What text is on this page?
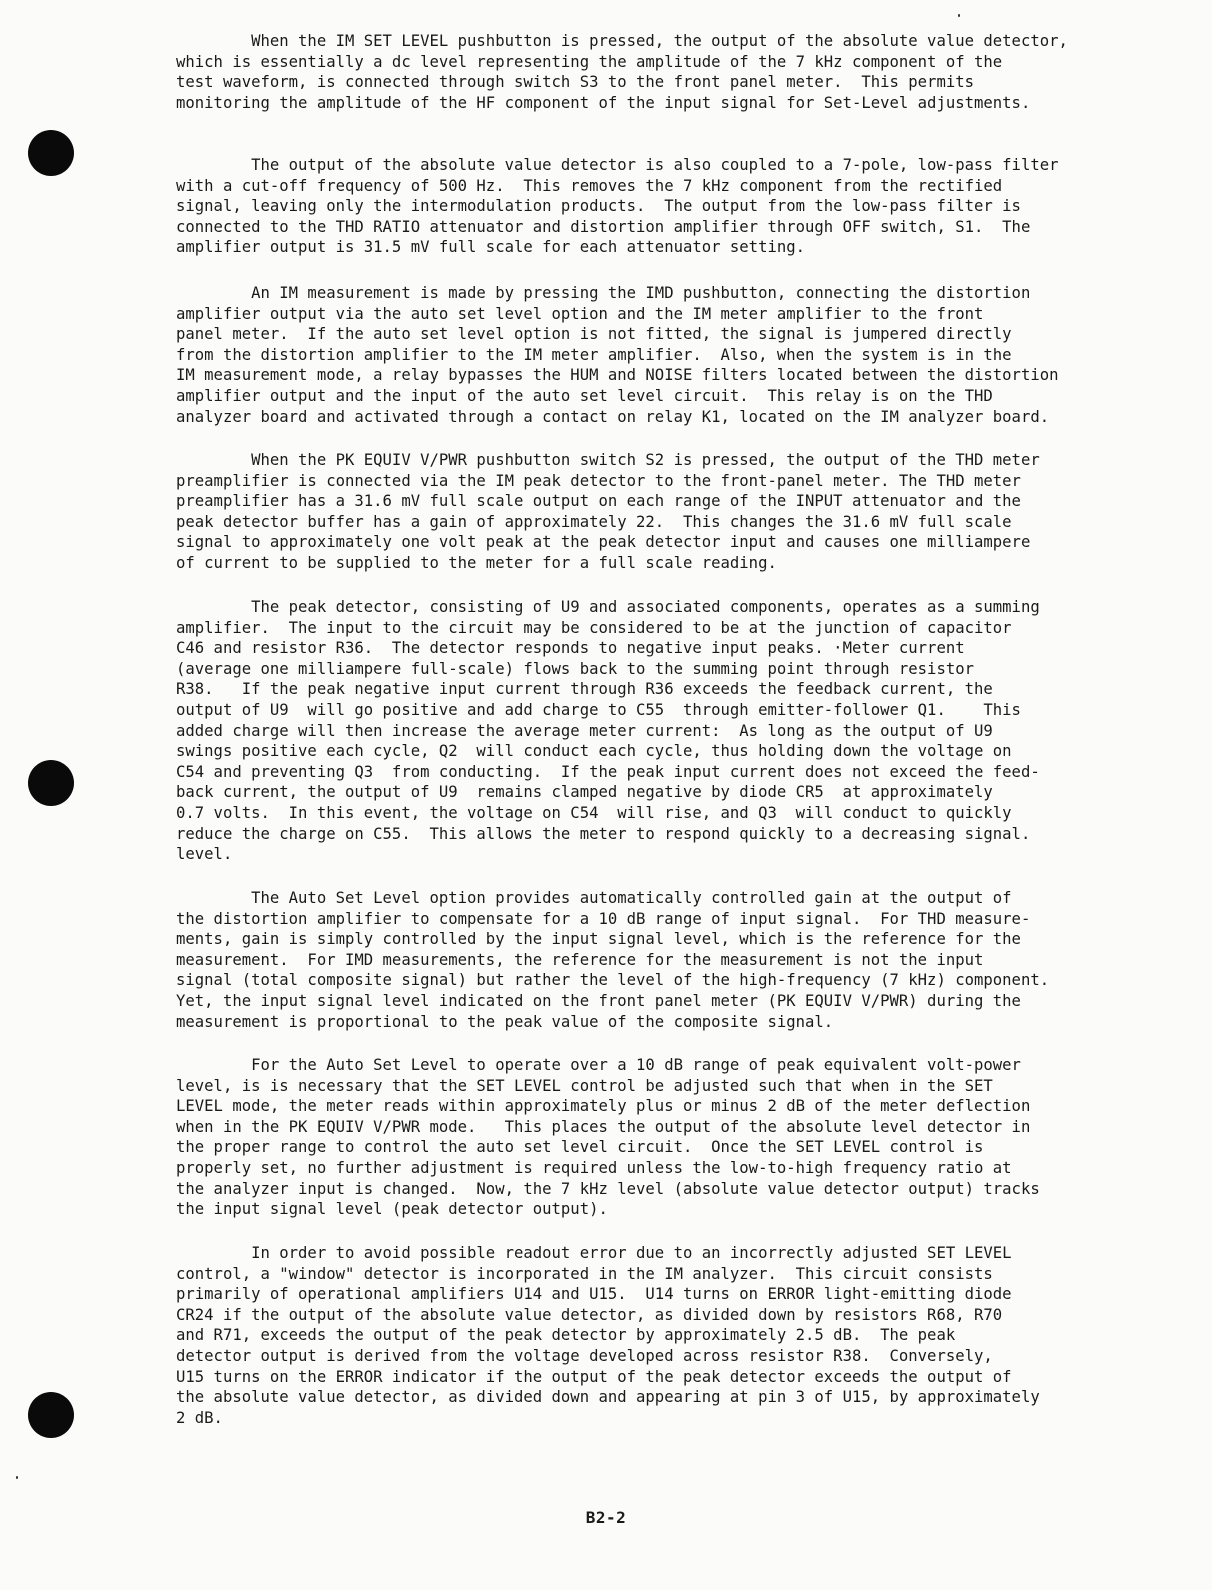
When the IM SET LEVEL pushbutton is pressed, the output of the absolute value detector,
which is essentially a dc level representing the amplitude of the 7 kHz component of the
test waveform, is connected through switch S3 to the front panel meter.  This permits
monitoring the amplitude of the HF component of the input signal for Set-Level adjustments.
The output of the absolute value detector is also coupled to a 7-pole, low-pass filter
with a cut-off frequency of 500 Hz.  This removes the 7 kHz component from the rectified
signal, leaving only the intermodulation products.  The output from the low-pass filter is
connected to the THD RATIO attenuator and distortion amplifier through OFF switch, S1.  The
amplifier output is 31.5 mV full scale for each attenuator setting.
An IM measurement is made by pressing the IMD pushbutton, connecting the distortion
amplifier output via the auto set level option and the IM meter amplifier to the front
panel meter.  If the auto set level option is not fitted, the signal is jumpered directly
from the distortion amplifier to the IM meter amplifier.  Also, when the system is in the
IM measurement mode, a relay bypasses the HUM and NOISE filters located between the distortion
amplifier output and the input of the auto set level circuit.  This relay is on the THD
analyzer board and activated through a contact on relay K1, located on the IM analyzer board.
When the PK EQUIV V/PWR pushbutton switch S2 is pressed, the output of the THD meter
preamplifier is connected via the IM peak detector to the front-panel meter. The THD meter
preamplifier has a 31.6 mV full scale output on each range of the INPUT attenuator and the
peak detector buffer has a gain of approximately 22.  This changes the 31.6 mV full scale
signal to approximately one volt peak at the peak detector input and causes one milliampere
of current to be supplied to the meter for a full scale reading.
The peak detector, consisting of U9 and associated components, operates as a summing
amplifier.  The input to the circuit may be considered to be at the junction of capacitor
C46 and resistor R36.  The detector responds to negative input peaks. ·Meter current
(average one milliampere full-scale) flows back to the summing point through resistor
R38.   If the peak negative input current through R36 exceeds the feedback current, the
output of U9  will go positive and add charge to C55  through emitter-follower Q1.    This
added charge will then increase the average meter current:  As long as the output of U9
swings positive each cycle, Q2  will conduct each cycle, thus holding down the voltage on
C54 and preventing Q3  from conducting.  If the peak input current does not exceed the feed-
back current, the output of U9  remains clamped negative by diode CR5  at approximately
0.7 volts.  In this event, the voltage on C54  will rise, and Q3  will conduct to quickly
reduce the charge on C55.  This allows the meter to respond quickly to a decreasing signal.
level.
The Auto Set Level option provides automatically controlled gain at the output of
the distortion amplifier to compensate for a 10 dB range of input signal.  For THD measure-
ments, gain is simply controlled by the input signal level, which is the reference for the
measurement.  For IMD measurements, the reference for the measurement is not the input
signal (total composite signal) but rather the level of the high-frequency (7 kHz) component.
Yet, the input signal level indicated on the front panel meter (PK EQUIV V/PWR) during the
measurement is proportional to the peak value of the composite signal.
For the Auto Set Level to operate over a 10 dB range of peak equivalent volt-power
level, is is necessary that the SET LEVEL control be adjusted such that when in the SET
LEVEL mode, the meter reads within approximately plus or minus 2 dB of the meter deflection
when in the PK EQUIV V/PWR mode.   This places the output of the absolute level detector in
the proper range to control the auto set level circuit.  Once the SET LEVEL control is
properly set, no further adjustment is required unless the low-to-high frequency ratio at
the analyzer input is changed.  Now, the 7 kHz level (absolute value detector output) tracks
the input signal level (peak detector output).
In order to avoid possible readout error due to an incorrectly adjusted SET LEVEL
control, a "window" detector is incorporated in the IM analyzer.  This circuit consists
primarily of operational amplifiers U14 and U15.  U14 turns on ERROR light-emitting diode
CR24 if the output of the absolute value detector, as divided down by resistors R68, R70
and R71, exceeds the output of the peak detector by approximately 2.5 dB.  The peak
detector output is derived from the voltage developed across resistor R38.  Conversely,
U15 turns on the ERROR indicator if the output of the peak detector exceeds the output of
the absolute value detector, as divided down and appearing at pin 3 of U15, by approximately
2 dB.
B2-2
